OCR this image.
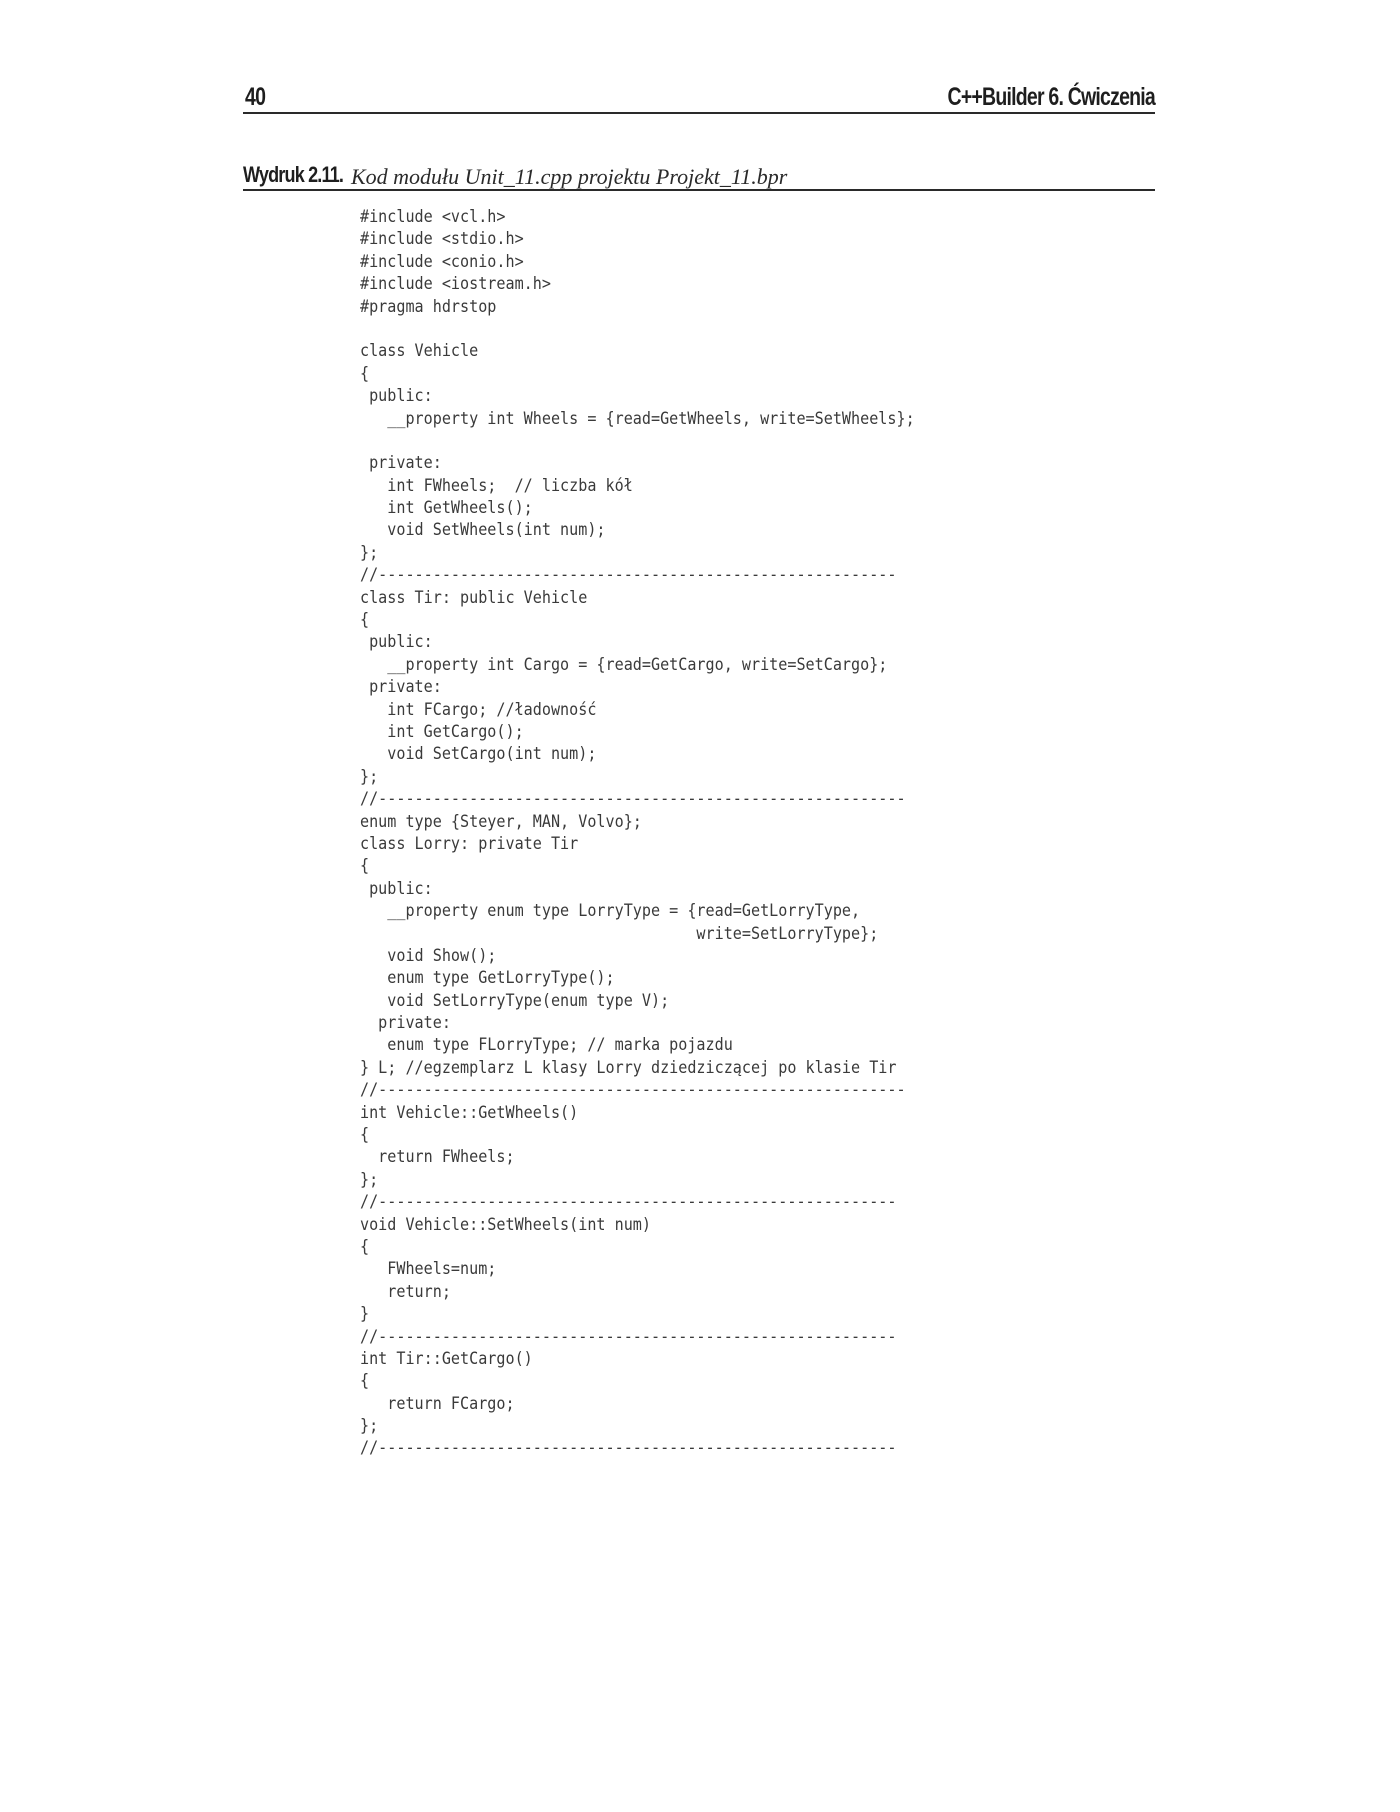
40	C++Builder 6. Ćwiczenia
Wydruk 2.11. Kod modułu Unit_11.cpp projektu Projekt_11.bpr
#include <vcl.h>
#include <stdio.h>
#include <conio.h>
#include <iostream.h>
#pragma hdrstop
class Vehicle
{
public:
__property int Wheels = {read=GetWheels, write=SetWheels};
private:
int FWheels;  // liczba kół
int GetWheels();
void SetWheels(int num);
};
//---------------------------------------------------------
class Tir: public Vehicle
{
public:
__property int Cargo = {read=GetCargo, write=SetCargo};
private:
int FCargo; //ładowność
int GetCargo();
void SetCargo(int num);
};
//----------------------------------------------------------
enum type {Steyer, MAN, Volvo};
class Lorry: private Tir
{
public:
__property enum type LorryType = {read=GetLorryType,
write=SetLorryType};
void Show();
enum type GetLorryType();
void SetLorryType(enum type V);
private:
enum type FLorryType; // marka pojazdu
} L; //egzemplarz L klasy Lorry dziedziczącej po klasie Tir
//----------------------------------------------------------
int Vehicle::GetWheels()
{
return FWheels;
};
//---------------------------------------------------------
void Vehicle::SetWheels(int num)
{
FWheels=num;
return;
}
//---------------------------------------------------------
int Tir::GetCargo()
{
return FCargo;
};
//---------------------------------------------------------
